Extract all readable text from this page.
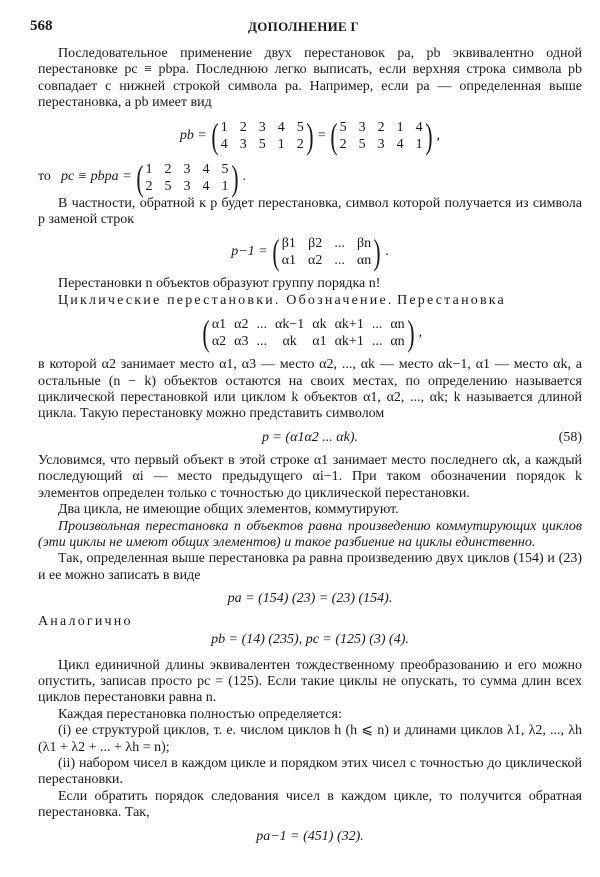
568	ДОПОЛНЕНИЕ Г

Последовательное применение двух перестановок pa, pb эквивалентно одной перестановке pc ≡ pbpa. Последнюю легко выписать, если верхняя строка символа pb совпадает с нижней строкой символа pa. Например, если pa — определенная выше перестановка, а pb имеет вид

pb = ( 1 2 3 4 5
4 3 5 1 2 ) = ( 5 3 2 1 4
2 5 3 4 1 ) ,
то pc ≡ pbpa = ( 1 2 3 4 5
2 5 3 4 1 ) .

В частности, обратной к p будет перестановка, символ которой получается из символа p заменой строк

p−1 = ( β1 β2 ... βn
α1 α2 ... αn ) .

Перестановки n объектов образуют группу порядка n!

Циклические перестановки. Обозначение. Перестановка

( α1 α2 ... αk−1 αk αk+1 ... αn
α2 α3 ...	αk	α1 αk+1 ... αn ) ,

в которой α2 занимает место α1, α3 — место α2, ..., αk — место αk−1, α1 — место αk, а остальные (n − k) объектов остаются на своих местах, по определению называется циклической перестановкой или циклом k объектов α1, α2, ..., αk; k называется длиной цикла. Такую перестановку можно представить символом

p = (α1α2 ... αk).	(58)

Условимся, что первый объект в этой строке α1 занимает место последнего αk, а каждый последующий αi — место предыдущего αi−1. При таком обозначении порядок k элементов определен только с точностью до циклической перестановки.

Два цикла, не имеющие общих элементов, коммутируют.

Произвольная перестановка n объектов равна произведению коммутирующих циклов (эти циклы не имеют общих элементов) и такое разбиение на циклы единственно.

Так, определенная выше перестановка pa равна произведению двух циклов (154) и (23) и ее можно записать в виде

pa = (154) (23) = (23) (154).

Аналогично

pb = (14) (235), pc = (125) (3) (4).

Цикл единичной длины эквивалентен тождественному преобразованию и его можно опустить, записав просто pc = (125). Если такие циклы не опускать, то сумма длин всех циклов перестановки равна n.

Каждая перестановка полностью определяется:

(i) ее структурой циклов, т. е. числом циклов h (h ⩽ n) и длинами циклов λ1, λ2, ..., λh (λ1 + λ2 + ... + λh = n);

(ii) набором чисел в каждом цикле и порядком этих чисел с точностью до циклической перестановки.

Если обратить порядок следования чисел в каждом цикле, то получится обратная перестановка. Так,

pa−1 = (451) (32).
